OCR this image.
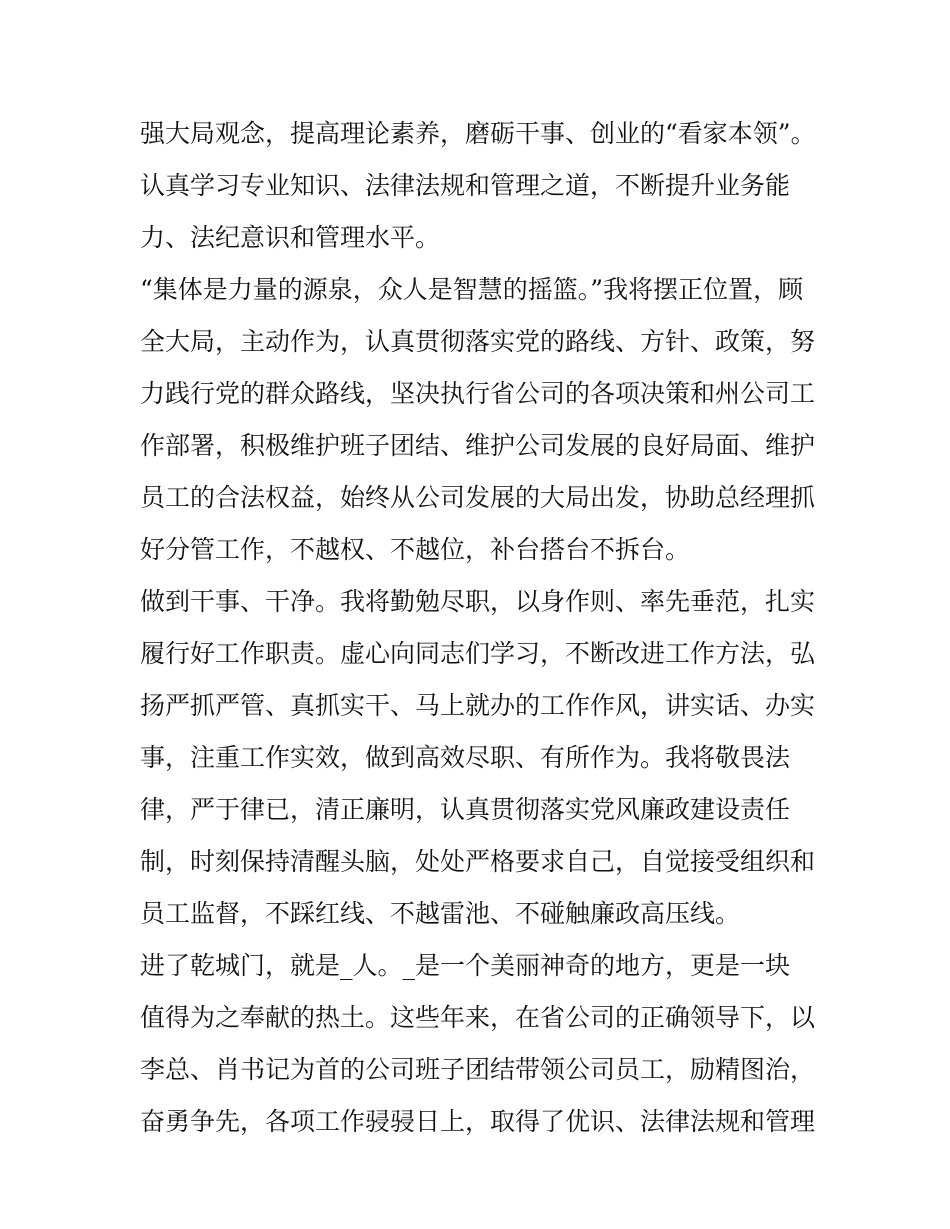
强大局观念，提高理论素养，磨砺干事、创业的“看家本领”。
认真学习专业知识、法律法规和管理之道，不断提升业务能
力、法纪意识和管理水平。
“集体是力量的源泉，众人是智慧的摇篮。”我将摆正位置，顾
全大局，主动作为，认真贯彻落实党的路线、方针、政策，努
力践行党的群众路线，坚决执行省公司的各项决策和州公司工
作部署，积极维护班子团结、维护公司发展的良好局面、维护
员工的合法权益，始终从公司发展的大局出发，协助总经理抓
好分管工作，不越权、不越位，补台搭台不拆台。
做到干事、干净。我将勤勉尽职，以身作则、率先垂范，扎实
履行好工作职责。虚心向同志们学习，不断改进工作方法，弘
扬严抓严管、真抓实干、马上就办的工作作风，讲实话、办实
事，注重工作实效，做到高效尽职、有所作为。我将敬畏法
律，严于律已，清正廉明，认真贯彻落实党风廉政建设责任
制，时刻保持清醒头脑，处处严格要求自己，自觉接受组织和
员工监督，不踩红线、不越雷池、不碰触廉政高压线。
进了乾城门，就是_人。_是一个美丽神奇的地方，更是一块
值得为之奉献的热土。这些年来，在省公司的正确领导下，以
李总、肖书记为首的公司班子团结带领公司员工，励精图治，
奋勇争先，各项工作骎骎日上，取得了优识、法律法规和管理
